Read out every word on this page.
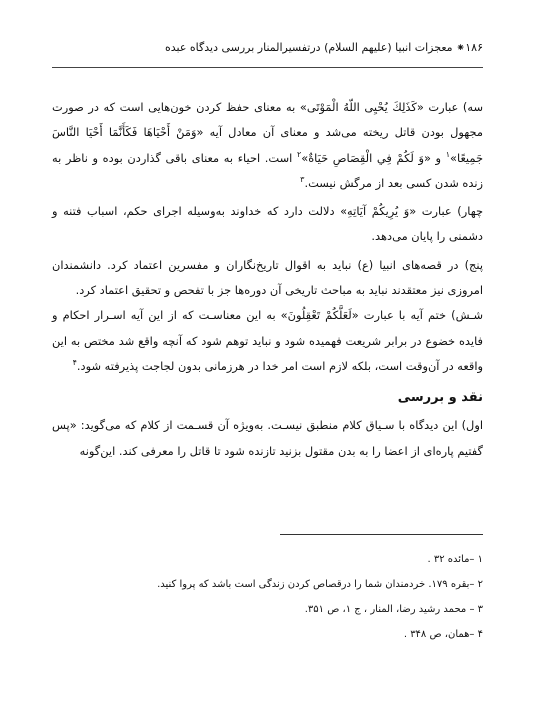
۱۸۶⁕ معجزات انبیا (علیهم السلام) درتفسیرالمنار بررسی دیدگاه عبده

سه) عبارت «كَذَلِكَ يُحْيِى اللّهُ الْمَوْتَى» به معنای حفظ کردن خون‌هایی است که در صورت مجهول بودن قاتل ریخته می‌شد و معنای آن معادل آیه «وَمَنْ أَحْيَاهَا فَكَأَنَّمَا أَحْيَا النَّاسَ جَمِيعًا»$^۱$ و «وَ لَكُمْ فِي الْقِصَاصِ حَيَاةٌ»$^۲$ است. احیاء به معنای باقی گذاردن بوده و ناظر به زنده شدن کسی بعد از مرگش نیست.$^۳$

چهار) عبارت «وَ يُرِيكُمْ آيَاتِهِ» دلالت دارد که خداوند به‌وسیله اجرای حکم، اسباب فتنه و دشمنی را پایان می‌دهد.

پنج) در قصه‌های انبیا (ع) نباید به اقوال تاریخ‌نگاران و مفسرین اعتماد کرد. دانشمندان امروزی نیز معتقدند نباید به مباحث تاریخی آن دوره‌ها جز با تفحص و تحقیق اعتماد کرد.

شـش) ختم آیه با عبارت «لَعَلَّكُمْ تَعْقِلُونَ» به این معناسـت که از این آیه اسـرار احکام و فایده خضوع در برابر شریعت فهمیده شود و نباید توهم شود که آنچه واقع شد مختص به این واقعه در آن‌وقت است، بلکه لازم است امر خدا در هرزمانی بدون لجاجت پذیرفته شود.$^۴$

نقد و بررسی

اول) این دیدگاه با سـیاق کلام منطبق نیسـت. به‌ویژه آن قسـمت از کلام که می‌گوید: «پس گفتیم پاره‌ای از اعضا را به بدن مقتول بزنید تازنده شود تا قاتل را معرفی کند. این‌گونه

۱ –مائده ۳۲ .
۲ –بقره ۱۷۹. خردمندان شما را درقصاص کردن زندگی است باشد که پروا کنید.
۳ – محمد رشید رضا، المنار ، ج ۱، ص ۳۵۱.
۴ –همان، ص ۳۴۸ .
